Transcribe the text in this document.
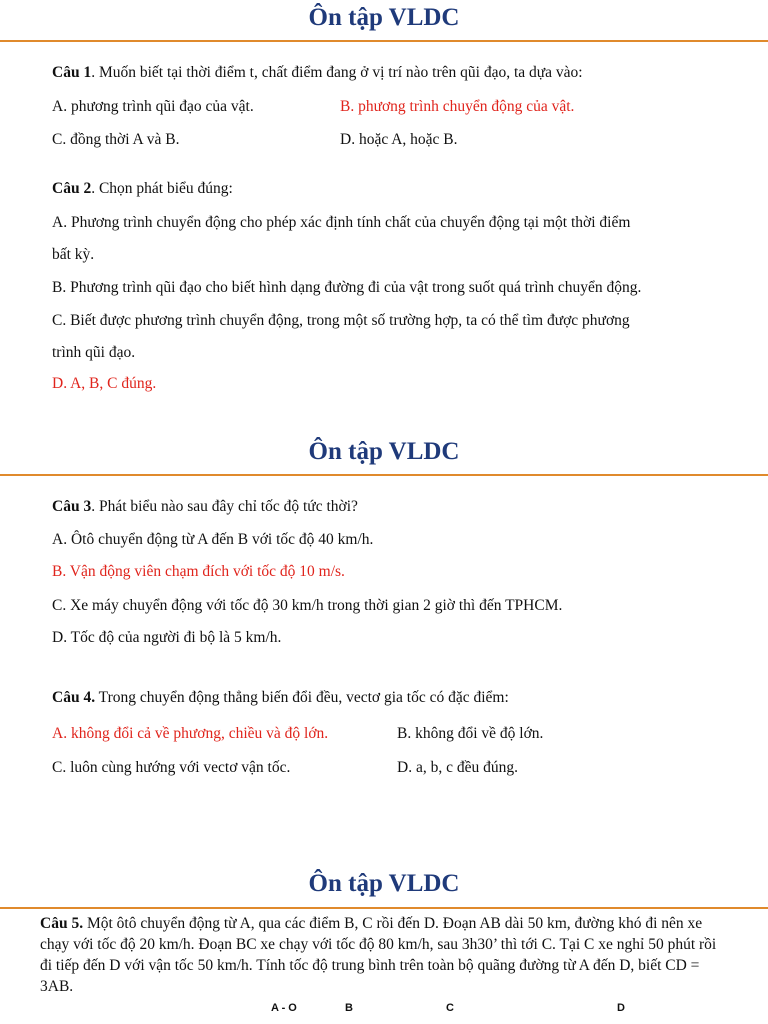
Ôn tập VLDC
Câu 1. Muốn biết tại thời điểm t, chất điểm đang ở vị trí nào trên qũi đạo, ta dựa vào:
A. phương trình qũi đạo của vật.	B. phương trình chuyển động của vật.
C. đồng thời A và B.	D. hoặc A, hoặc B.
Câu 2. Chọn phát biểu đúng:
A. Phương trình chuyển động cho phép xác định tính chất của chuyển động tại một thời điểm
bất kỳ.
B. Phương trình qũi đạo cho biết hình dạng đường đi của vật trong suốt quá trình chuyển động.
C. Biết được phương trình chuyển động, trong một số trường hợp, ta có thể tìm được phương
trình qũi đạo.
D. A, B, C đúng.
Ôn tập VLDC
Câu 3. Phát biểu nào sau đây chỉ tốc độ tức thời?
A. Ôtô chuyển động từ A đến B với tốc độ 40 km/h.
B. Vận động viên chạm đích với tốc độ 10 m/s.
C. Xe máy chuyển động với tốc độ 30 km/h trong thời gian 2 giờ thì đến TPHCM.
D. Tốc độ của người đi bộ là 5 km/h.
Câu 4. Trong chuyển động thẳng biến đổi đều, vectơ gia tốc có đặc điểm:
A. không đổi cả về phương, chiều và độ lớn.	B. không đổi về độ lớn.
C. luôn cùng hướng với vectơ vận tốc.	D. a, b, c đều đúng.
Ôn tập VLDC
Câu 5. Một ôtô chuyển động từ A, qua các điểm B, C rồi đến D. Đoạn AB dài 50 km, đường khó đi nên xe chạy với tốc độ 20 km/h. Đoạn BC xe chạy với tốc độ 80 km/h, sau 3h30’ thì tới C. Tại C xe nghỉ 50 phút rồi đi tiếp đến D với vận tốc 50 km/h. Tính tốc độ trung bình trên toàn bộ quãng đường từ A đến D, biết CD = 3AB.
A - O	B	C	D
